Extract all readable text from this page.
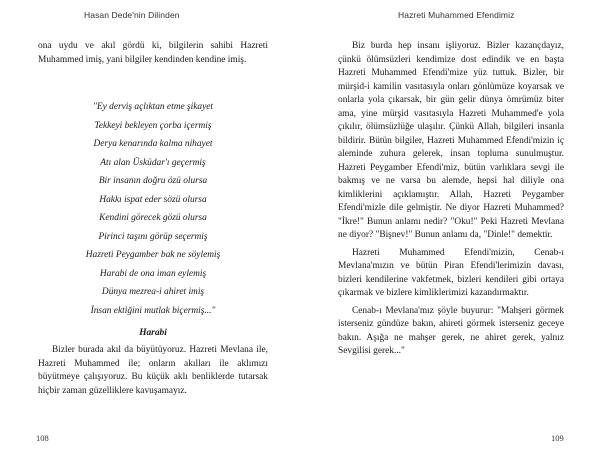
Hasan Dede'nin Dilinden

ona uydu ve akıl gördü ki, bilgilerin sahibi Hazreti Muhammed imiş, yani bilgiler kendinden kendine imiş.

"Ey derviş açlıktan etme şikayet
Tekkeyi bekleyen çorba içermiş
Derya kenarında kalma nihayet
Atı alan Üsküdar'ı geçermiş
Bir insanın doğru özü olursa
Hakkı ispat eder sözü olursa
Kendini görecek gözü olursa
Pirinci taşını görüp seçermiş
Hazreti Peygamber bak ne söylemiş
Harabi de ona iman eylemiş
Dünya mezrea-i ahiret imiş
İnsan ektiğini mutlak biçermiş..."
Harabi

Bizler burada akıl da büyütüyoruz. Hazreti Mevlana ile, Hazreti Muhammed ile; onların akılları ile aklımızı büyütmeye çalışıyoruz. Bu küçük aklı benliklerde tutarsak hiçbir zaman güzelliklere kavuşamayız.

108
Hazreti Muhammed Efendimiz

Biz burda hep insanı işliyoruz. Bizler kazançdayız, çünkü ölümsüzleri kendimize dost edindik ve en başta Hazreti Muhammed Efendi'mize yüz tuttuk. Bizler, bir mürşid-i kamilin vasıtasıyla onları gönlümüze koyarsak ve onlarla yola çıkarsak, bir gün gelir dünya ömrümüz biter ama, yine mürşid vasıtasıyla Hazreti Muhammed'e yola çıkılır, ölümsüzlüğe ulaşılır. Çünkü Allah, bilgileri insanla bildirir. Bütün bilgiler, Hazreti Muhammed Efendi'mizin iç aleminde zuhura gelerek, insan topluma sunulmuştur. Hazreti Peygamber Efendi'miz, bütün varlıklara sevgi ile bakmış ve ne varsa bu alemde, hepsi hal diliyle ona kimliklerini açıklamıştır. Allah, Hazreti Peygamber Efendi'mizle dile gelmiştir. Ne diyor Hazreti Muhammed? "İkre!" Bunun anlamı nedir? "Oku!" Peki Hazreti Mevlana ne diyor? "Bişnev!" Bunun anlamı da, "Dinle!" demektir.

Hazreti Muhammed Efendi'mizin, Cenab-ı Mevlana'mızın ve bütün Piran Efendi'lerimizin davası, bizleri kendilerine vakfetmek, bizleri kendileri gibi ortaya çıkarmak ve bizlere kimliklerimizi kazandırmaktır.

Cenab-ı Mevlana'mız şöyle buyurur: "Mahşeri görmek isterseniz gündüze bakın, ahireti görmek isterseniz geceye bakın. Aşığa ne mahşer gerek, ne ahiret gerek, yalnız Sevgilisi gerek..."

109
